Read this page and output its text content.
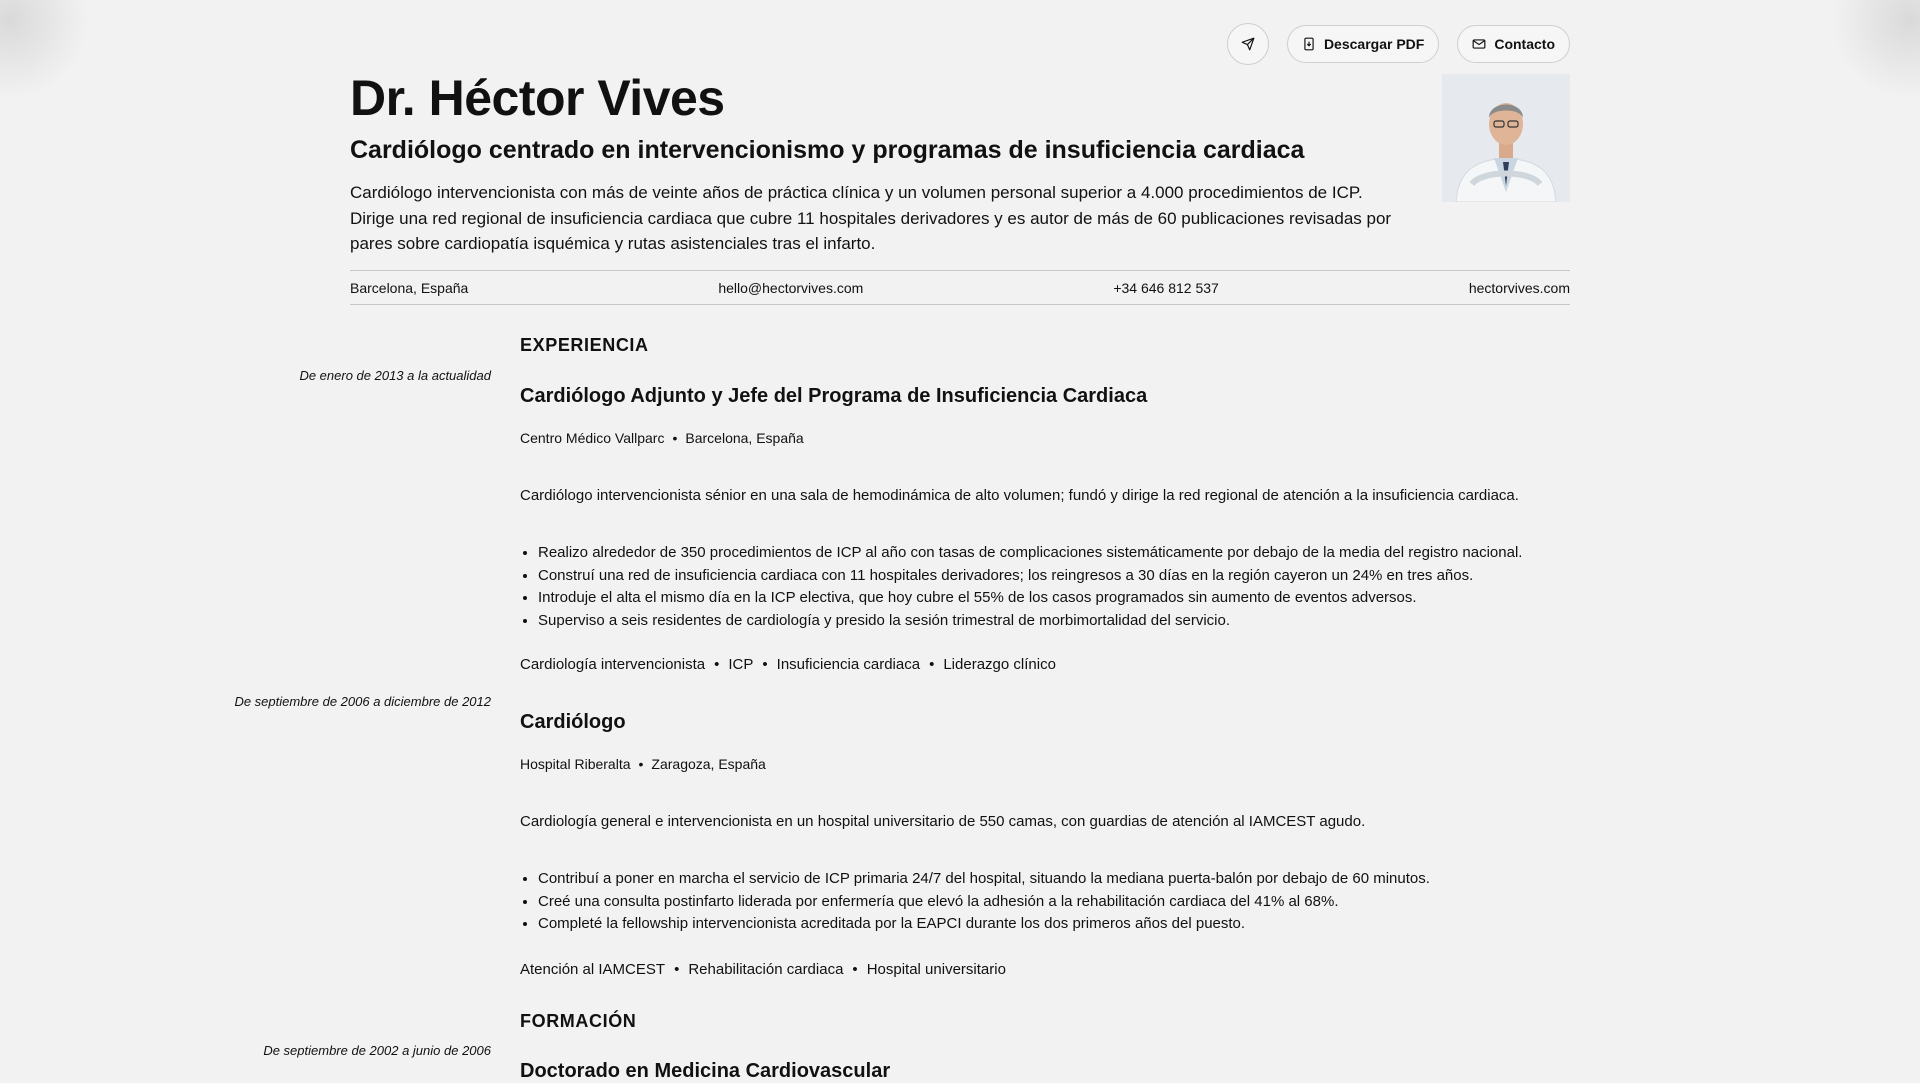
Descargar PDF	Contacto
Dr. Héctor Vives
Cardiólogo centrado en intervencionismo y programas de insuficiencia cardiaca

Cardiólogo intervencionista con más de veinte años de práctica clínica y un volumen personal superior a 4.000 procedimientos de ICP. Dirige una red regional de insuficiencia cardiaca que cubre 11 hospitales derivadores y es autor de más de 60 publicaciones revisadas por pares sobre cardiopatía isquémica y rutas asistenciales tras el infarto.

Barcelona, España	hello@hectorvives.com	+34 646 812 537	hectorvives.com
EXPERIENCIA
De enero de 2013 a la actualidad
Cardiólogo Adjunto y Jefe del Programa de Insuficiencia Cardiaca
Centro Médico Vallparc • Barcelona, España
Cardiólogo intervencionista sénior en una sala de hemodinámica de alto volumen; fundó y dirige la red regional de atención a la insuficiencia cardiaca.
• Realizo alrededor de 350 procedimientos de ICP al año con tasas de complicaciones sistemáticamente por debajo de la media del registro nacional.
• Construí una red de insuficiencia cardiaca con 11 hospitales derivadores; los reingresos a 30 días en la región cayeron un 24% en tres años.
• Introduje el alta el mismo día en la ICP electiva, que hoy cubre el 55% de los casos programados sin aumento de eventos adversos.
• Superviso a seis residentes de cardiología y presido la sesión trimestral de morbimortalidad del servicio.
Cardiología intervencionista • ICP • Insuficiencia cardiaca • Liderazgo clínico
De septiembre de 2006 a diciembre de 2012
Cardiólogo
Hospital Riberalta • Zaragoza, España
Cardiología general e intervencionista en un hospital universitario de 550 camas, con guardias de atención al IAMCEST agudo.
• Contribuí a poner en marcha el servicio de ICP primaria 24/7 del hospital, situando la mediana puerta-balón por debajo de 60 minutos.
• Creé una consulta postinfarto liderada por enfermería que elevó la adhesión a la rehabilitación cardiaca del 41% al 68%.
• Completé la fellowship intervencionista acreditada por la EAPCI durante los dos primeros años del puesto.
Atención al IAMCEST • Rehabilitación cardiaca • Hospital universitario
FORMACIÓN
De septiembre de 2002 a junio de 2006
Doctorado en Medicina Cardiovascular
